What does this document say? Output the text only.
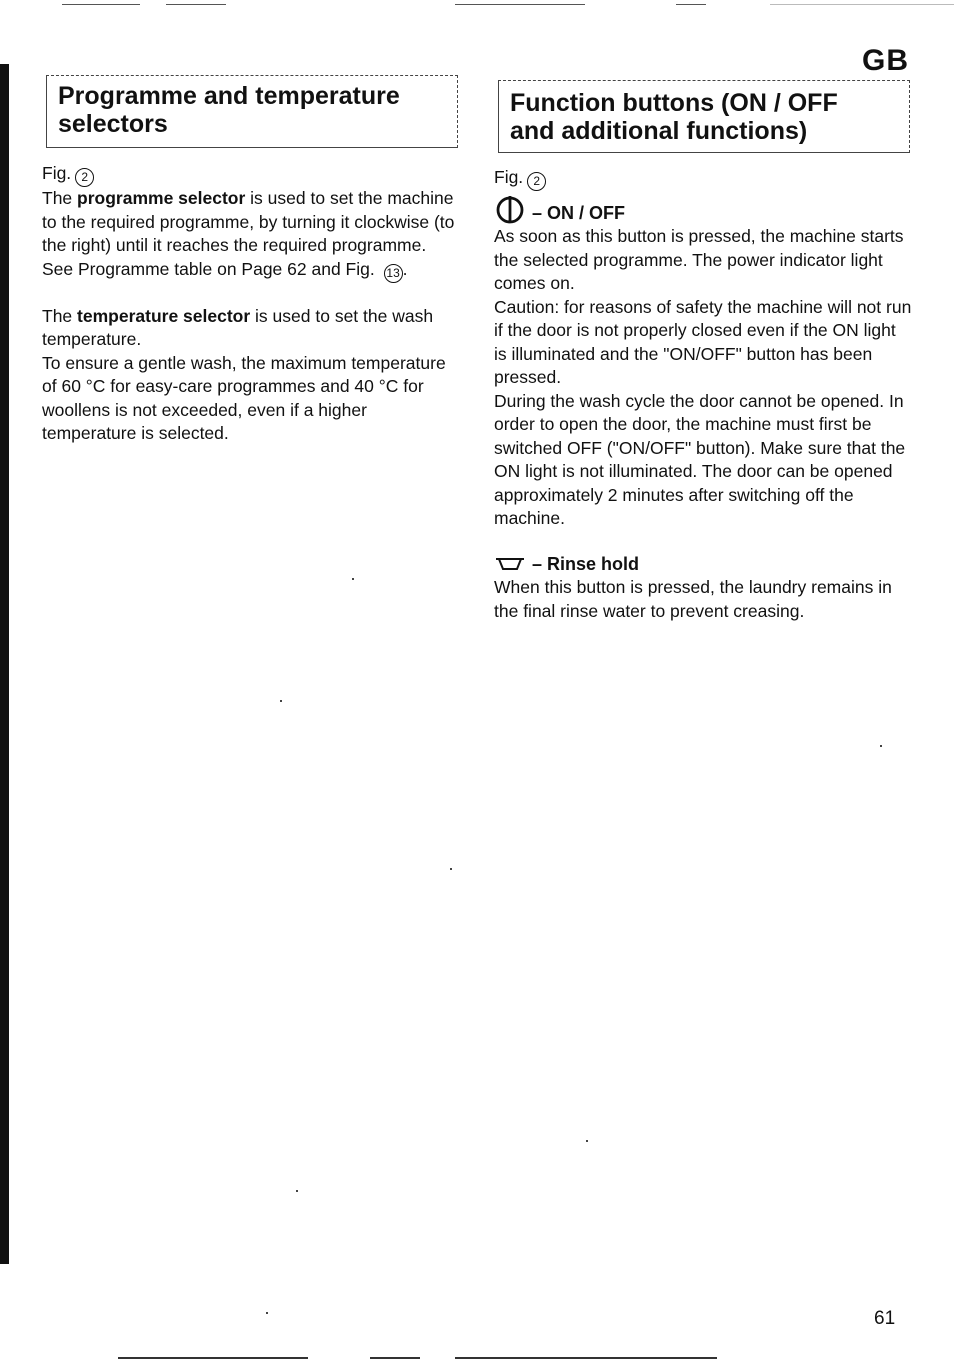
GB
Programme and temperature
selectors
Function buttons (ON / OFF
and additional functions)
Fig. 2

The programme selector is used to set the machine to the required programme, by turning it clockwise (to the right) until it reaches the required programme. See Programme table on Page 62 and Fig. 13 .

The temperature selector is used to set the wash temperature.

To ensure a gentle wash, the maximum temperature of 60 °C for easy-care programmes and 40 °C for woollens is not exceeded, even if a higher temperature is selected.

Fig. 2
– ON / OFF

As soon as this button is pressed, the machine starts the selected programme. The power indicator light comes on.

Caution: for reasons of safety the machine will not run if the door is not properly closed even if the ON light is illuminated and the "ON/OFF" button has been pressed.

During the wash cycle the door cannot be opened. In order to open the door, the machine must first be switched OFF ("ON/OFF" button). Make sure that the ON light is not illuminated. The door can be opened approximately 2 minutes after switching off the machine.

– Rinse hold

When this button is pressed, the laundry remains in the final rinse water to prevent creasing.

61
